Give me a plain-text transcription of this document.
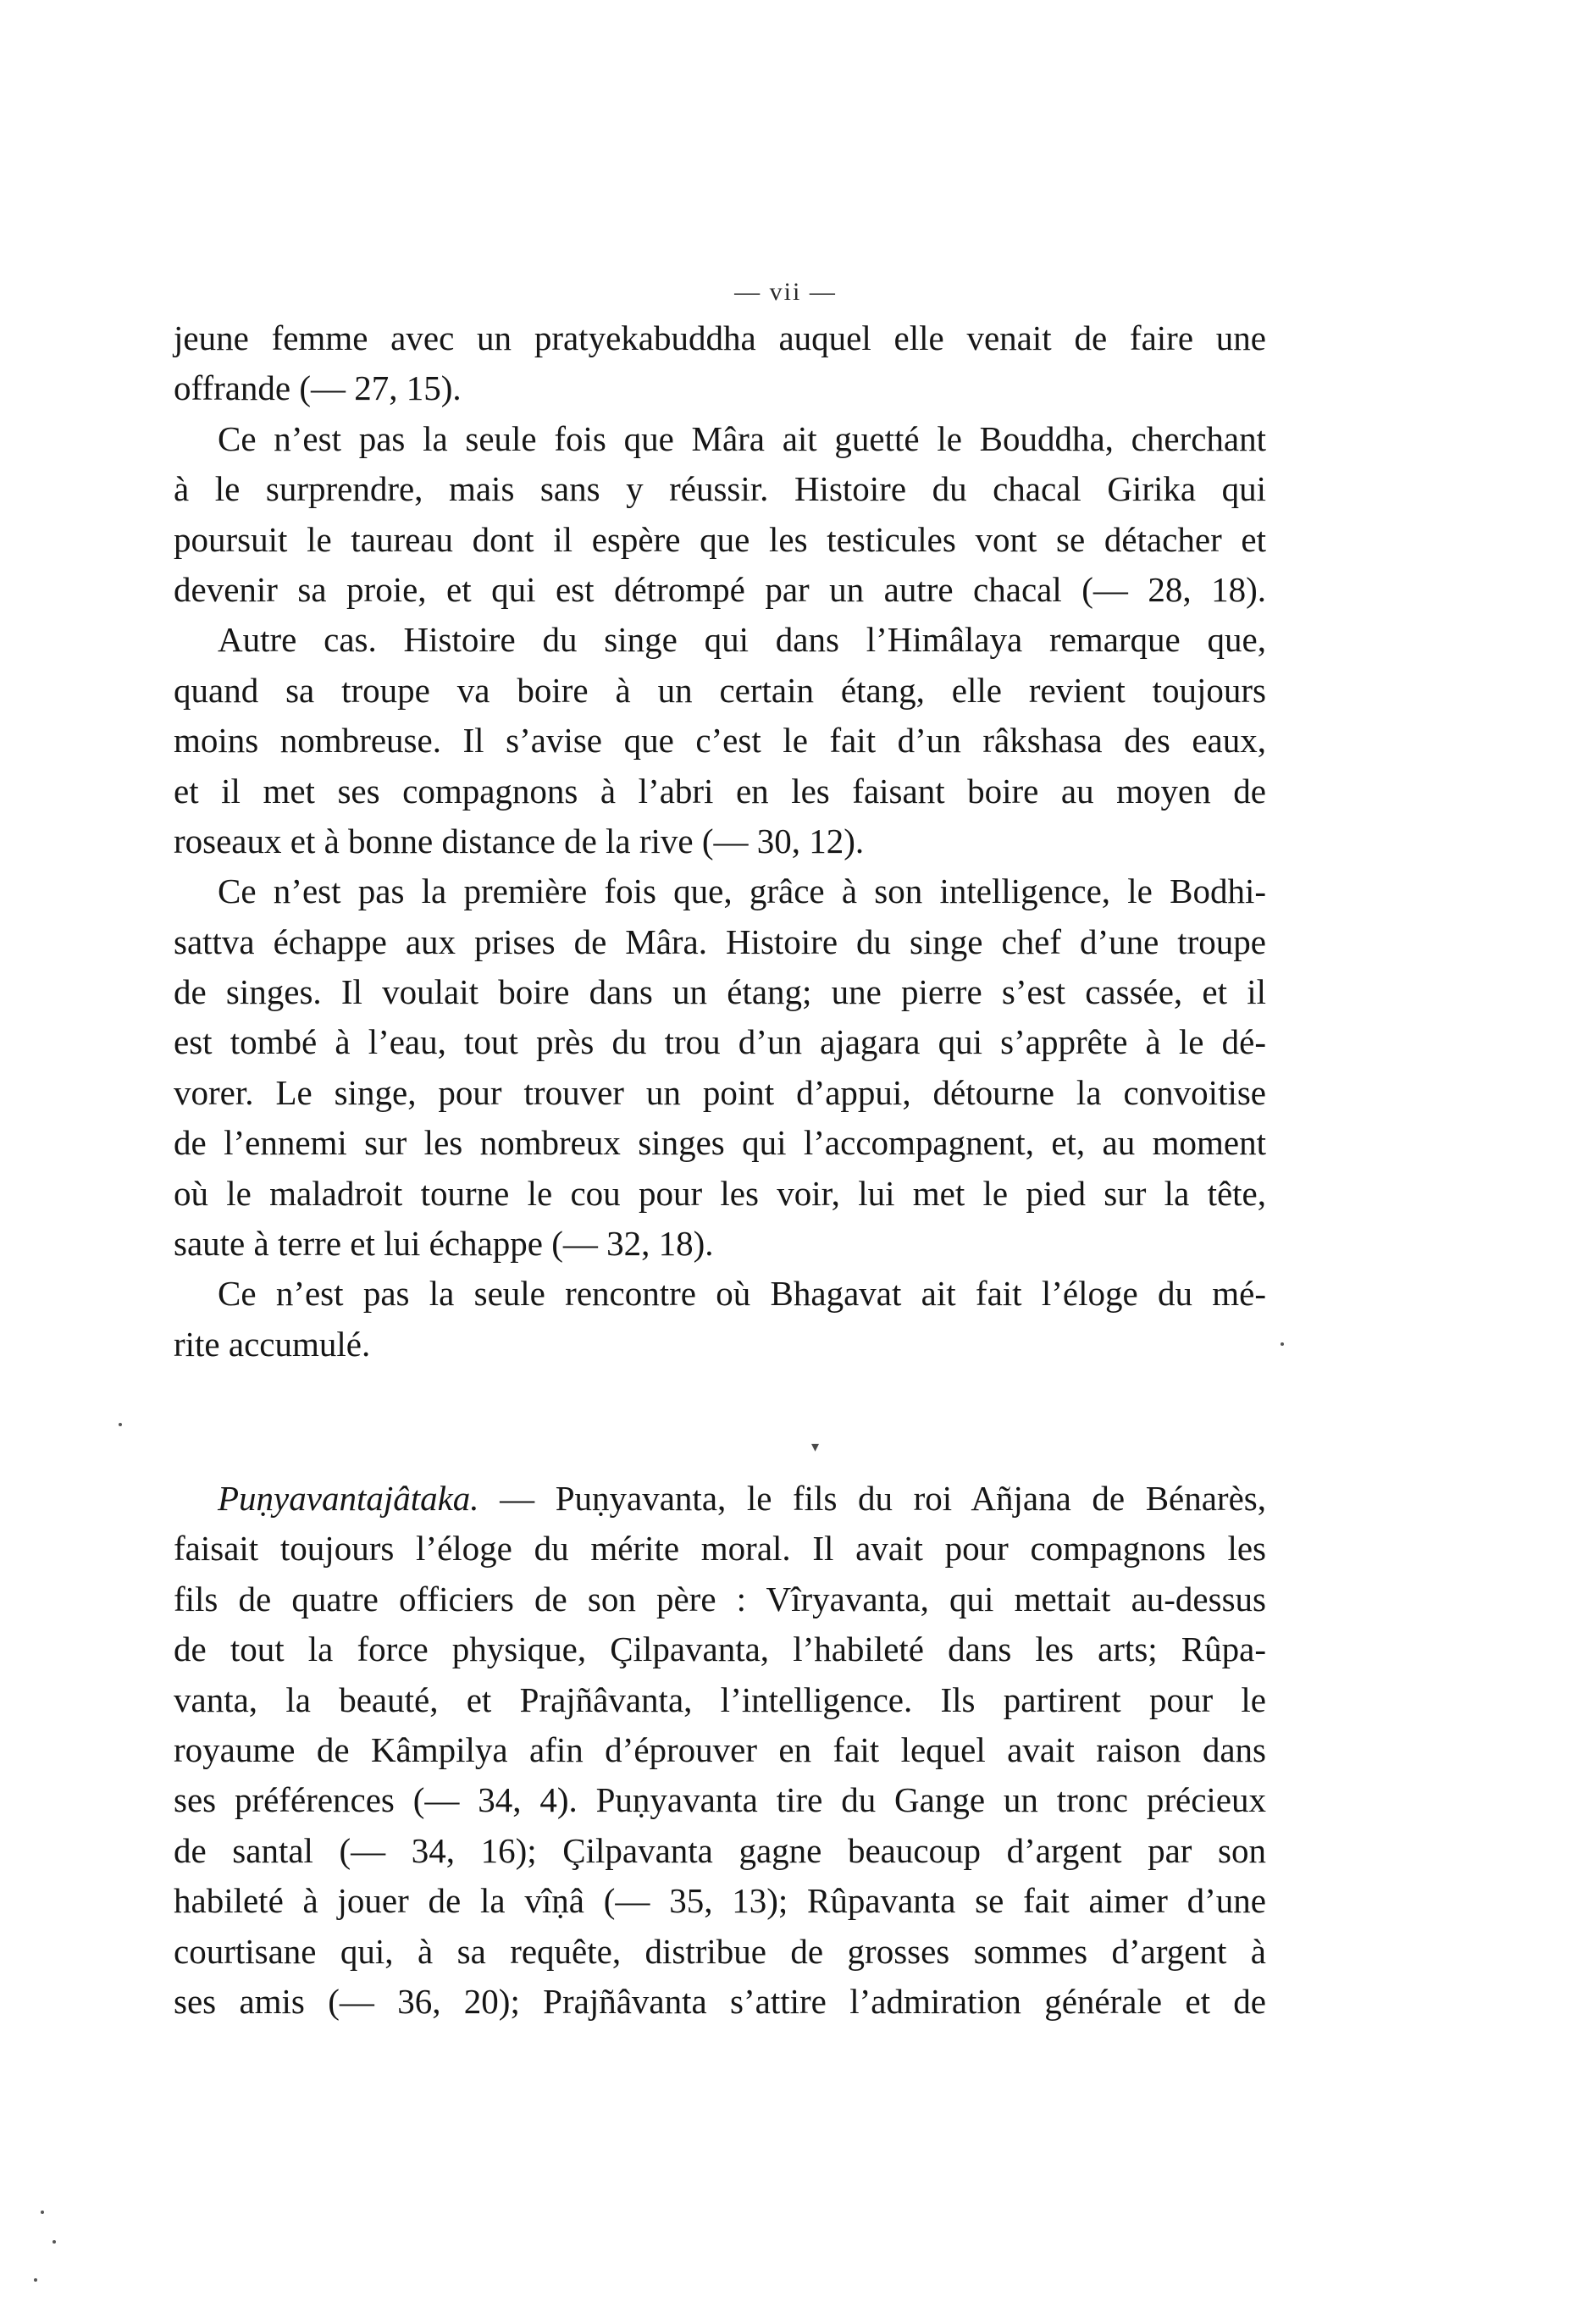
— vii —
jeune femme avec un pratyekabuddha auquel elle venait de faire une
offrande (— 27, 15).
Ce n’est pas la seule fois que Mâra ait guetté le Bouddha, cherchant
à le surprendre, mais sans y réussir. Histoire du chacal Girika qui
poursuit le taureau dont il espère que les testicules vont se détacher et
devenir sa proie, et qui est détrompé par un autre chacal (— 28, 18).
Autre cas. Histoire du singe qui dans l’Himâlaya remarque que,
quand sa troupe va boire à un certain étang, elle revient toujours
moins nombreuse. Il s’avise que c’est le fait d’un râkshasa des eaux,
et il met ses compagnons à l’abri en les faisant boire au moyen de
roseaux et à bonne distance de la rive (— 30, 12).
Ce n’est pas la première fois que, grâce à son intelligence, le Bodhi-
sattva échappe aux prises de Mâra. Histoire du singe chef d’une troupe
de singes. Il voulait boire dans un étang; une pierre s’est cassée, et il
est tombé à l’eau, tout près du trou d’un ajagara qui s’apprête à le dé-
vorer. Le singe, pour trouver un point d’appui, détourne la convoitise
de l’ennemi sur les nombreux singes qui l’accompagnent, et, au moment
où le maladroit tourne le cou pour les voir, lui met le pied sur la tête,
saute à terre et lui échappe (— 32, 18).
Ce n’est pas la seule rencontre où Bhagavat ait fait l’éloge du mé-
rite accumulé.
▾
Puṇyavantajâtaka. — Puṇyavanta, le fils du roi Añjana de Bénarès,
faisait toujours l’éloge du mérite moral. Il avait pour compagnons les
fils de quatre officiers de son père : Vîryavanta, qui mettait au-dessus
de tout la force physique, Çilpavanta, l’habileté dans les arts; Rûpa-
vanta, la beauté, et Prajñâvanta, l’intelligence. Ils partirent pour le
royaume de Kâmpilya afin d’éprouver en fait lequel avait raison dans
ses préférences (— 34, 4). Puṇyavanta tire du Gange un tronc précieux
de santal (— 34, 16); Çilpavanta gagne beaucoup d’argent par son
habileté à jouer de la vîṇâ (— 35, 13); Rûpavanta se fait aimer d’une
courtisane qui, à sa requête, distribue de grosses sommes d’argent à
ses amis (— 36, 20); Prajñâvanta s’attire l’admiration générale et de
